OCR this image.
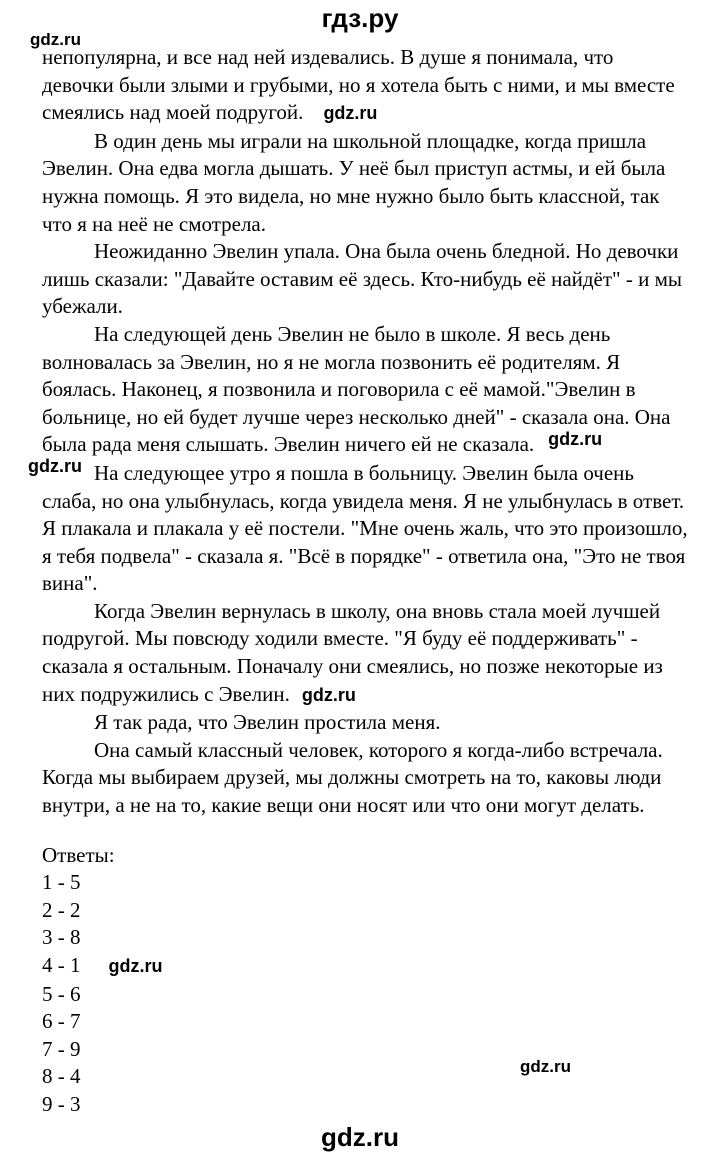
гдз.ру
gdz.ru
gdz.ru
gdz.ru

непопулярна, и все над ней издевались. В душе я понимала, что девочки были злыми и грубыми, но я хотела быть с ними, и мы вместе смеялись над моей подругой. gdz.ru

В один день мы играли на школьной площадке, когда пришла Эвелин. Она едва могла дышать. У неё был приступ астмы, и ей была нужна помощь. Я это видела, но мне нужно было быть классной, так что я на неё не смотрела.

Неожиданно Эвелин упала. Она была очень бледной. Но девочки лишь сказали: "Давайте оставим её здесь. Кто-нибудь её найдёт" - и мы убежали.

На следующей день Эвелин не было в школе. Я весь день волновалась за Эвелин, но я не могла позвонить её родителям. Я боялась. Наконец, я позвонила и поговорила с её мамой."Эвелин в больнице, но ей будет лучше через несколько дней" - сказала она. Она была рада меня слышать. Эвелин ничего ей не сказала. gdz.ru

На следующее утро я пошла в больницу. Эвелин была очень слаба, но она улыбнулась, когда увидела меня. Я не улыбнулась в ответ. Я плакала и плакала у её постели. "Мне очень жаль, что это произошло, я тебя подвела" - сказала я. "Всё в порядке" - ответила она, "Это не твоя вина".

Когда Эвелин вернулась в школу, она вновь стала моей лучшей подругой. Мы повсюду ходили вместе. "Я буду её поддерживать" - сказала я остальным. Поначалу они смеялись, но позже некоторые из них подружились с Эвелин. gdz.ru

Я так рада, что Эвелин простила меня.

Она самый классный человек, которого я когда-либо встречала. Когда мы выбираем друзей, мы должны смотреть на то, каковы люди внутри, а не на то, какие вещи они носят или что они могут делать.

Ответы:
1 - 5
2 - 2
3 - 8
4 - 1 gdz.ru
5 - 6
6 - 7
7 - 9
8 - 4
9 - 3
gdz.ru
